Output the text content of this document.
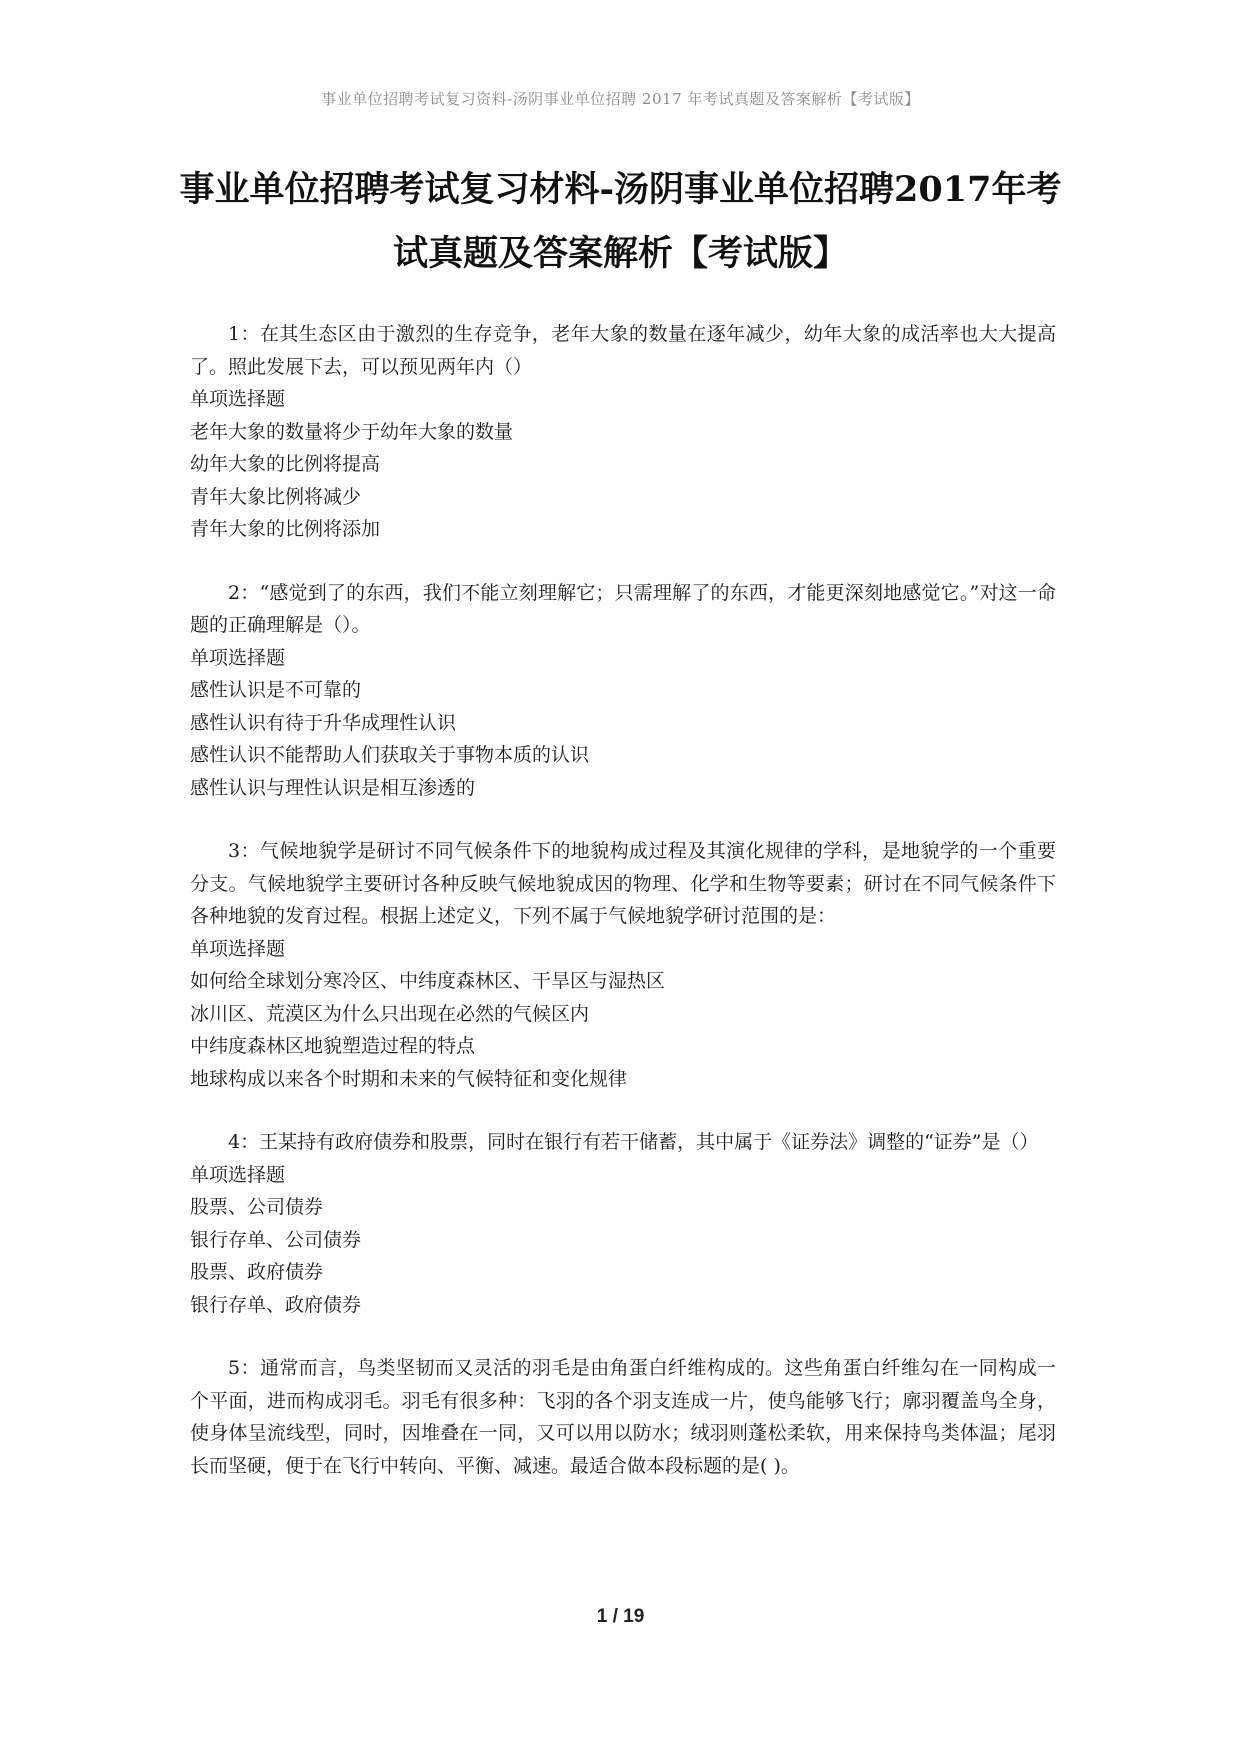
事业单位招聘考试复习资料-汤阴事业单位招聘 2017 年考试真题及答案解析【考试版】
事业单位招聘考试复习材料-汤阴事业单位招聘2017年考
试真题及答案解析【考试版】

1：在其生态区由于激烈的生存竞争，老年大象的数量在逐年减少，幼年大象的成活率也大大提高了。照此发展下去，可以预见两年内（）

单项选择题

老年大象的数量将少于幼年大象的数量

幼年大象的比例将提高

青年大象比例将减少

青年大象的比例将添加

2：“感觉到了的东西，我们不能立刻理解它；只需理解了的东西，才能更深刻地感觉它。”对这一命题的正确理解是（）。

单项选择题

感性认识是不可靠的

感性认识有待于升华成理性认识

感性认识不能帮助人们获取关于事物本质的认识

感性认识与理性认识是相互渗透的

3：气候地貌学是研讨不同气候条件下的地貌构成过程及其演化规律的学科，是地貌学的一个重要分支。气候地貌学主要研讨各种反映气候地貌成因的物理、化学和生物等要素；研讨在不同气候条件下各种地貌的发育过程。根据上述定义，下列不属于气候地貌学研讨范围的是：

单项选择题

如何给全球划分寒冷区、中纬度森林区、干旱区与湿热区

冰川区、荒漠区为什么只出现在必然的气候区内

中纬度森林区地貌塑造过程的特点

地球构成以来各个时期和未来的气候特征和变化规律

4：王某持有政府债券和股票，同时在银行有若干储蓄，其中属于《证券法》调整的“证券”是（）

单项选择题

股票、公司债券

银行存单、公司债券

股票、政府债券

银行存单、政府债券

5：通常而言，鸟类坚韧而又灵活的羽毛是由角蛋白纤维构成的。这些角蛋白纤维勾在一同构成一个平面，进而构成羽毛。羽毛有很多种：飞羽的各个羽支连成一片，使鸟能够飞行；廓羽覆盖鸟全身，使身体呈流线型，同时，因堆叠在一同，又可以用以防水；绒羽则蓬松柔软，用来保持鸟类体温；尾羽长而坚硬，便于在飞行中转向、平衡、减速。最适合做本段标题的是( )。

1 / 19
